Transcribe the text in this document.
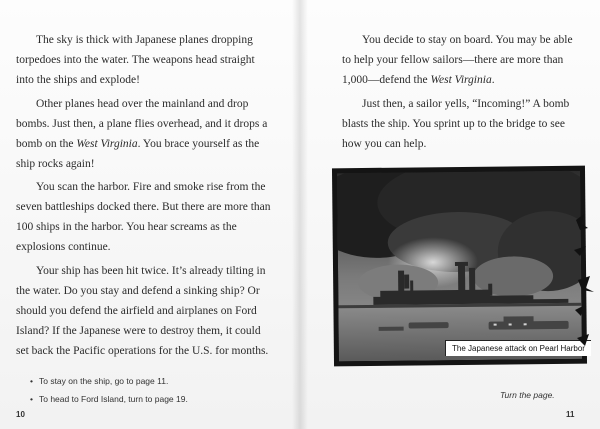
The sky is thick with Japanese planes dropping torpedoes into the water. The weapons head straight into the ships and explode!

Other planes head over the mainland and drop bombs. Just then, a plane flies overhead, and it drops a bomb on the West Virginia. You brace yourself as the ship rocks again!

You scan the harbor. Fire and smoke rise from the seven battleships docked there. But there are more than 100 ships in the harbor. You hear screams as the explosions continue.

Your ship has been hit twice. It’s already tilting in the water. Do you stay and defend a sinking ship? Or should you defend the airfield and airplanes on Ford Island? If the Japanese were to destroy them, it could set back the Pacific operations for the U.S. for months.

• To stay on the ship, go to page 11.
• To head to Ford Island, turn to page 19.
10

You decide to stay on board. You may be able to help your fellow sailors—there are more than 1,000—defend the West Virginia.

Just then, a sailor yells, “Incoming!” A bomb blasts the ship. You sprint up to the bridge to see how you can help.

The Japanese attack on Pearl Harbor
Turn the page.
11
